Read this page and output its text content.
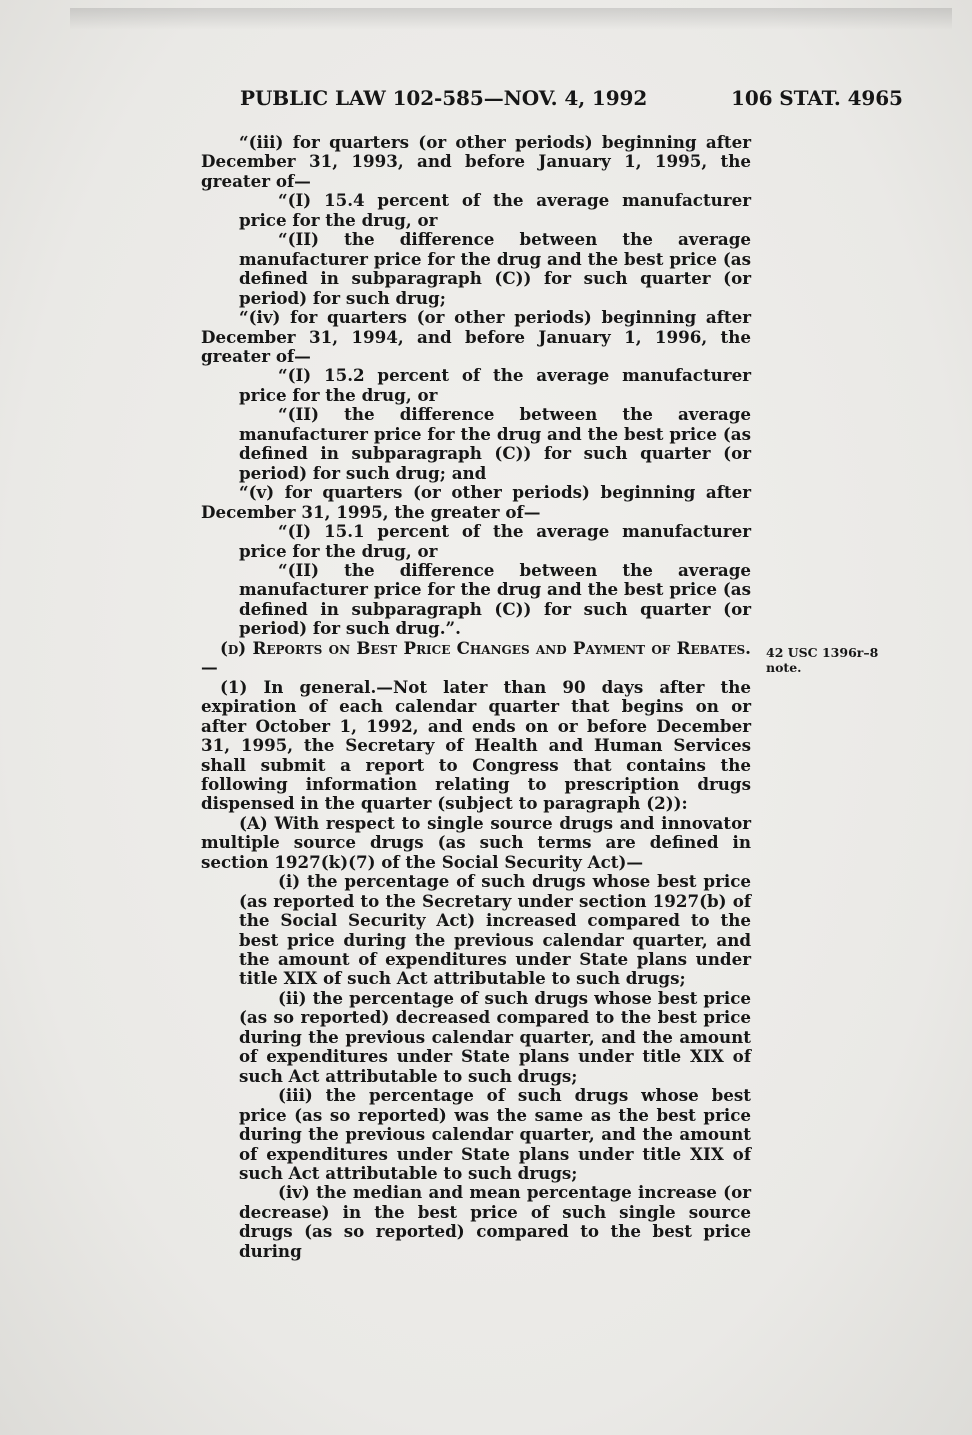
PUBLIC LAW 102-585—NOV. 4, 1992	106 STAT. 4965

“(iii) for quarters (or other periods) beginning after December 31, 1993, and before January 1, 1995, the greater of—

“(I) 15.4 percent of the average manufacturer price for the drug, or

“(II) the difference between the average manufacturer price for the drug and the best price (as defined in subparagraph (C)) for such quarter (or period) for such drug;

“(iv) for quarters (or other periods) beginning after December 31, 1994, and before January 1, 1996, the greater of—

“(I) 15.2 percent of the average manufacturer price for the drug, or

“(II) the difference between the average manufacturer price for the drug and the best price (as defined in subparagraph (C)) for such quarter (or period) for such drug; and

“(v) for quarters (or other periods) beginning after December 31, 1995, the greater of—

“(I) 15.1 percent of the average manufacturer price for the drug, or

“(II) the difference between the average manufacturer price for the drug and the best price (as defined in subparagraph (C)) for such quarter (or period) for such drug.”.

(d) Reports on Best Price Changes and Payment of Rebates.—

(1) In general.—Not later than 90 days after the expiration of each calendar quarter that begins on or after October 1, 1992, and ends on or before December 31, 1995, the Secretary of Health and Human Services shall submit a report to Congress that contains the following information relating to prescription drugs dispensed in the quarter (subject to paragraph (2)):

(A) With respect to single source drugs and innovator multiple source drugs (as such terms are defined in section 1927(k)(7) of the Social Security Act)—

(i) the percentage of such drugs whose best price (as reported to the Secretary under section 1927(b) of the Social Security Act) increased compared to the best price during the previous calendar quarter, and the amount of expenditures under State plans under title XIX of such Act attributable to such drugs;

(ii) the percentage of such drugs whose best price (as so reported) decreased compared to the best price during the previous calendar quarter, and the amount of expenditures under State plans under title XIX of such Act attributable to such drugs;

(iii) the percentage of such drugs whose best price (as so reported) was the same as the best price during the previous calendar quarter, and the amount of expenditures under State plans under title XIX of such Act attributable to such drugs;

(iv) the median and mean percentage increase (or decrease) in the best price of such single source drugs (as so reported) compared to the best price during

42 USC 1396r–8 note.
